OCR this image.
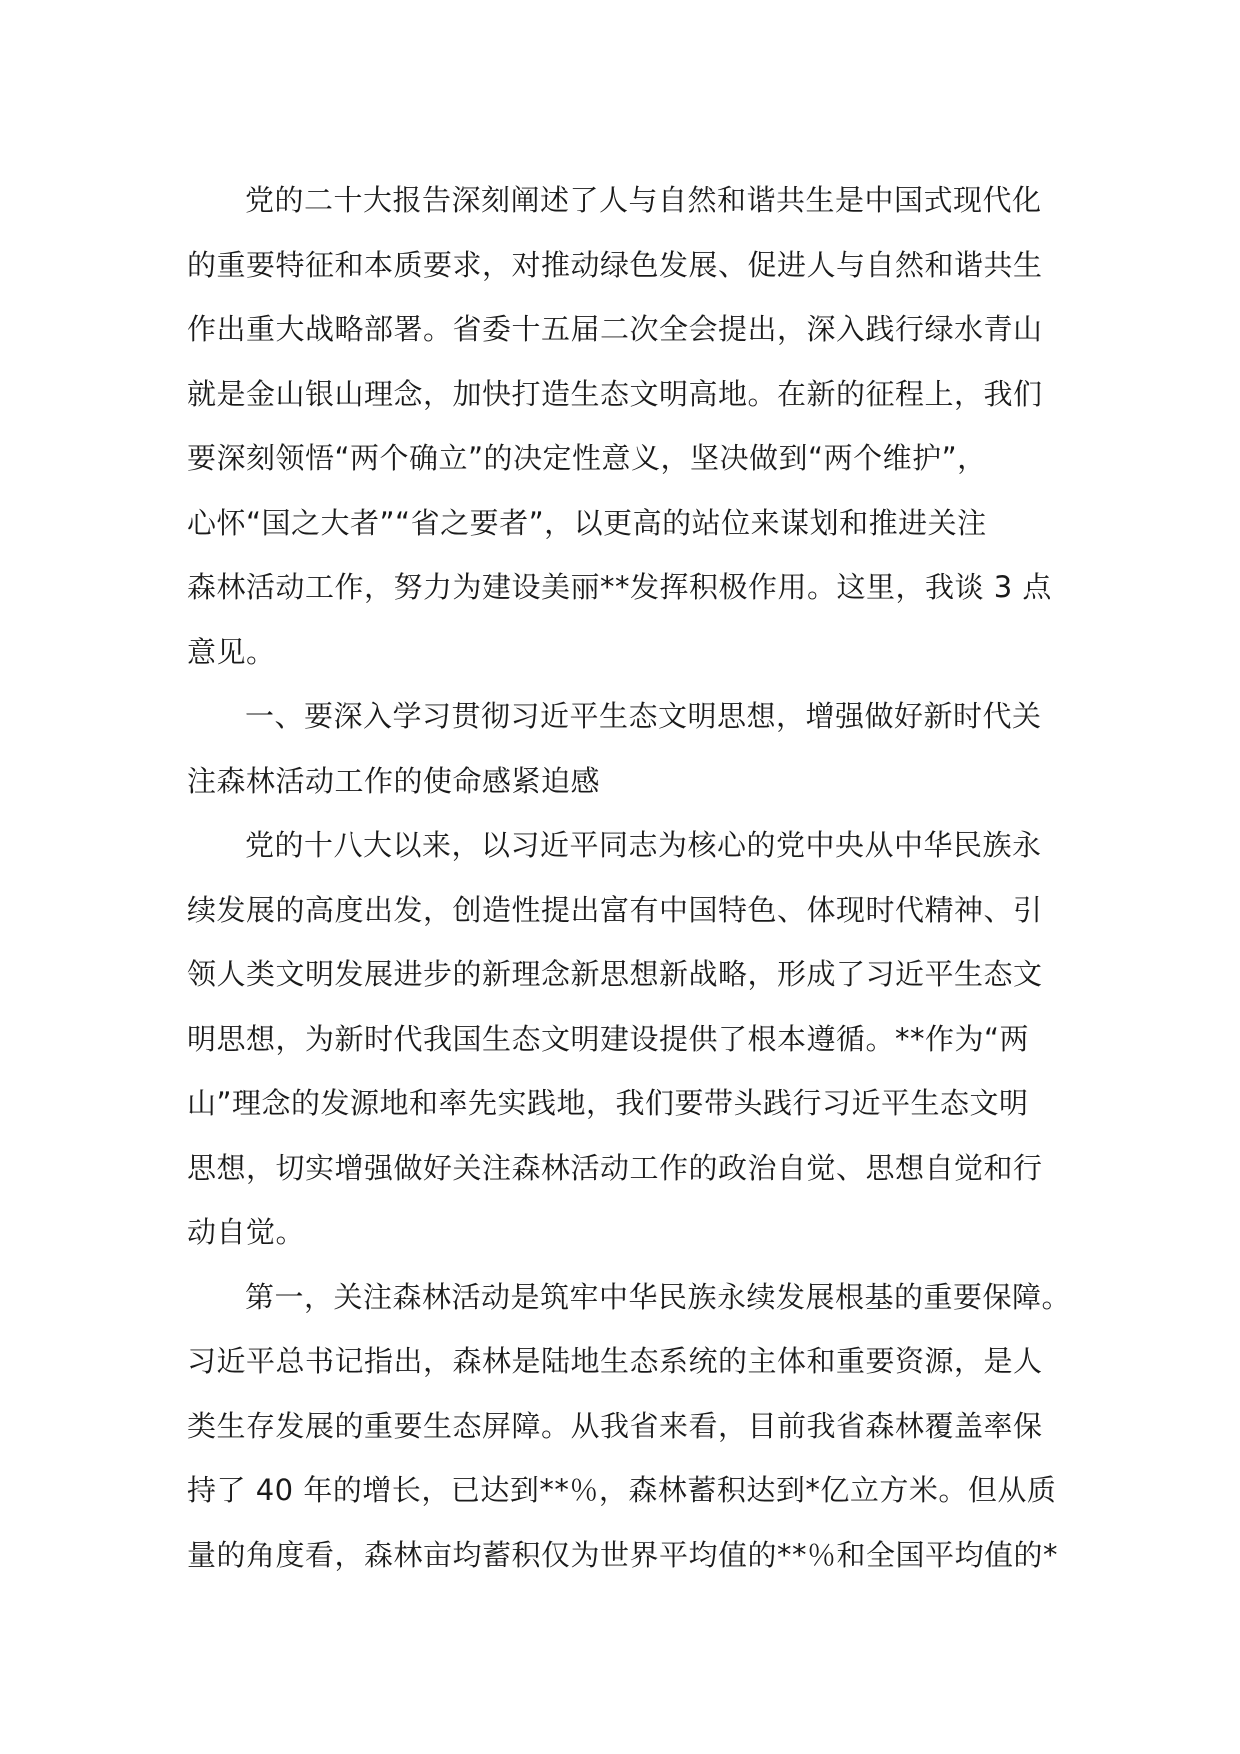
党的二十大报告深刻阐述了人与自然和谐共生是中国式现代化
的重要特征和本质要求，对推动绿色发展、促进人与自然和谐共生
作出重大战略部署。省委十五届二次全会提出，深入践行绿水青山
就是金山银山理念，加快打造生态文明高地。在新的征程上，我们
要深刻领悟“两个确立”的决定性意义，坚决做到“两个维护”，
心怀“国之大者”“省之要者”，以更高的站位来谋划和推进关注
森林活动工作，努力为建设美丽**发挥积极作用。这里，我谈 3 点
意见。
一、要深入学习贯彻习近平生态文明思想，增强做好新时代关
注森林活动工作的使命感紧迫感
党的十八大以来，以习近平同志为核心的党中央从中华民族永
续发展的高度出发，创造性提出富有中国特色、体现时代精神、引
领人类文明发展进步的新理念新思想新战略，形成了习近平生态文
明思想，为新时代我国生态文明建设提供了根本遵循。**作为“两
山”理念的发源地和率先实践地，我们要带头践行习近平生态文明
思想，切实增强做好关注森林活动工作的政治自觉、思想自觉和行
动自觉。
第一，关注森林活动是筑牢中华民族永续发展根基的重要保障。
习近平总书记指出，森林是陆地生态系统的主体和重要资源，是人
类生存发展的重要生态屏障。从我省来看，目前我省森林覆盖率保
持了 40 年的增长，已达到**％，森林蓄积达到*亿立方米。但从质
量的角度看，森林亩均蓄积仅为世界平均值的**％和全国平均值的*
